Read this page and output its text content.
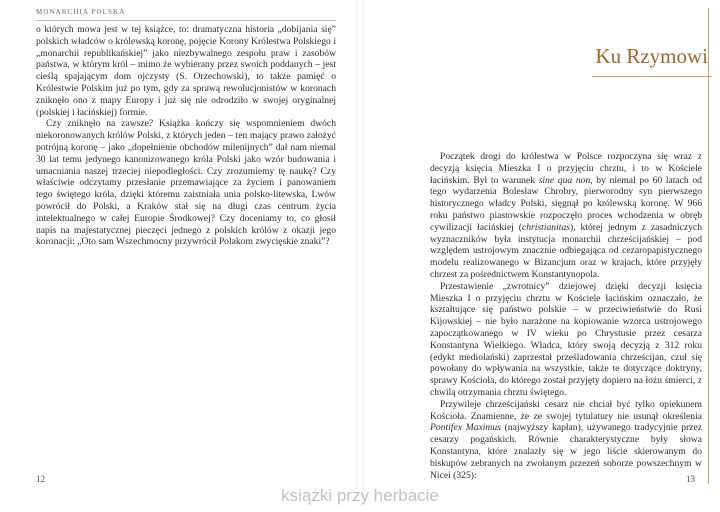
MONARCHIA POLSKA

o których mowa jest w tej książce, to: dramatyczna historia „dobijania się” polskich władców o królewską koronę, pojęcie Korony Królestwa Polskiego i „monarchii republikańskiej” jako niezbywalnego zespołu praw i zasobów państwa, w którym król – mimo że wybierany przez swoich poddanych – jest cieślą spajającym dom ojczysty (S. Orzechowski), to także pamięć o Królestwie Polskim już po tym, gdy za sprawą rewolucjonistów w koronach zniknęło ono z mapy Europy i już się nie odrodziło w swojej oryginalnej (polskiej i łacińskiej) formie.

Czy zniknęło na zawsze? Książka kończy się wspomnieniem dwóch niekoronowanych królów Polski, z których jeden – ten mający prawo założyć potrójną koronę – jako „dopełnienie obchodów milenijnych” dał nam niemal 30 lat temu jedynego kanonizowanego króla Polski jako wzór budowania i umacniania naszej trzeciej niepodległości. Czy zrozumiemy tę naukę? Czy właściwie odczytamy przesłanie przemawiające za życiem i panowaniem tego świętego króla, dzięki któremu zaistniała unia polsko-litewska, Lwów powrócił do Polski, a Kraków stał się na długi czas centrum życia intelektualnego w całej Europie Środkowej? Czy doceniamy to, co głosił napis na majestatycznej pieczęci jednego z polskich królów z okazji jego koronacji: „Oto sam Wszechmocny przywrócił Polakom zwycięskie znaki”?

12
Ku Rzymowi

Początek drogi do królestwa w Polsce rozpoczyna się wraz z decyzją księcia Mieszka I o przyjęciu chrztu, i to w Kościele łacińskim. Był to warunek sine qua non, by niemal po 60 latach od tego wydarzenia Bolesław Chrobry, pierworodny syn pierwszego historycznego władcy Polski, sięgnął po królewską koronę. W 966 roku państwo piastowskie rozpoczęło proces wchodzenia w obręb cywilizacji łacińskiej (christianitas), której jednym z zasadniczych wyznaczników była instytucja monarchii chrześcijańskiej – pod względem ustrojowym znacznie odbiegająca od cezaropapistycznego modelu realizowanego w Bizancjum oraz w krajach, które przyjęły chrzest za pośrednictwem Konstantynopola.

Przestawienie „zwrotnicy” dziejowej dzięki decyzji księcia Mieszka I o przyjęciu chrztu w Kościele łacińskim oznaczało, że kształtujące się państwo polskie – w przeciwieństwie do Rusi Kijowskiej – nie było narażone na kopiowanie wzorca ustrojowego zapoczątkowanego w IV wieku po Chrystusie przez cesarza Konstantyna Wielkiego. Władca, który swoją decyzją z 312 roku (edykt mediolański) zaprzestał prześladowania chrześcijan, czuł się powołany do wpływania na wszystkie, także te dotyczące doktryny, sprawy Kościoła, do którego został przyjęty dopiero na łożu śmierci, z chwilą otrzymania chrztu świętego.

Przywileje chrześcijański cesarz nie chciał być tylko opiekunem Kościoła. Znamienne, że ze swojej tytulatury nie usunął określenia Pontifex Maximus (najwyższy kapłan), używanego tradycyjnie przez cesarzy pogańskich. Równie charakterystyczne były słowa Konstantyna, które znalazły się w jego liście skierowanym do biskupów zebranych na zwołanym przezeń soborze powszechnym w Nicei (325):	13
książki przy herbacie
